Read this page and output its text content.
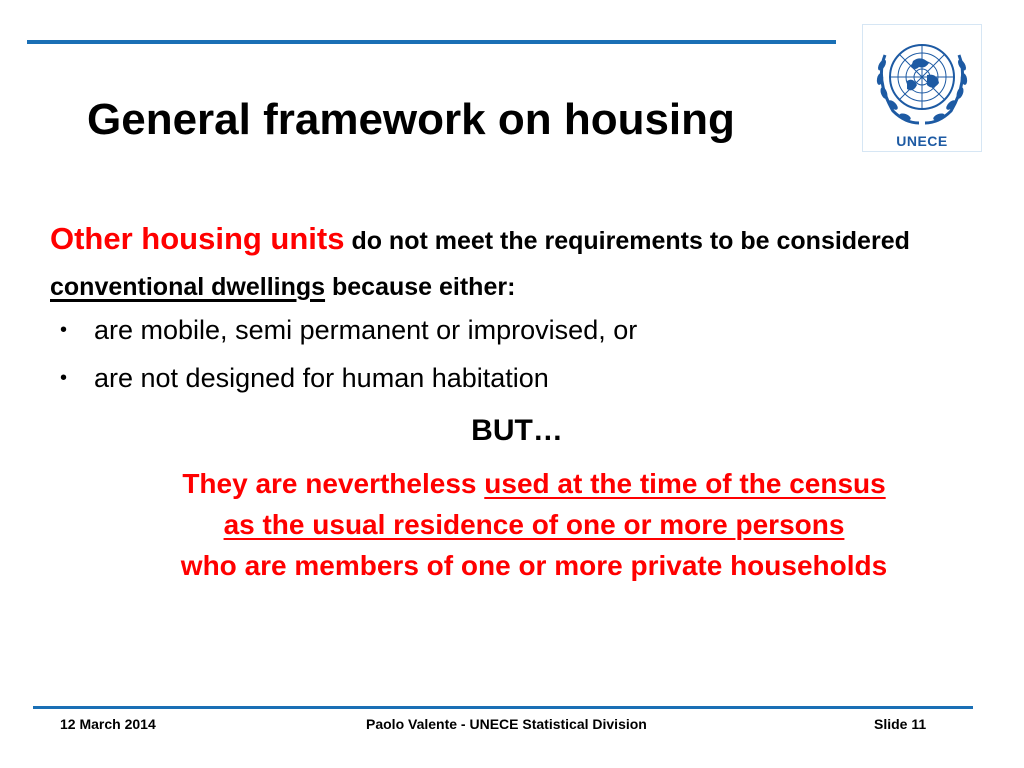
General framework on housing	UNECE

Other housing units do not meet the requirements to be considered conventional dwellings because either:

• are mobile, semi permanent or improvised, or
• are not designed for human habitation

BUT…

They are nevertheless used at the time of the census
as the usual residence of one or more persons
who are members of one or more private households

12 March 2014	Paolo Valente - UNECE Statistical Division	Slide 11
